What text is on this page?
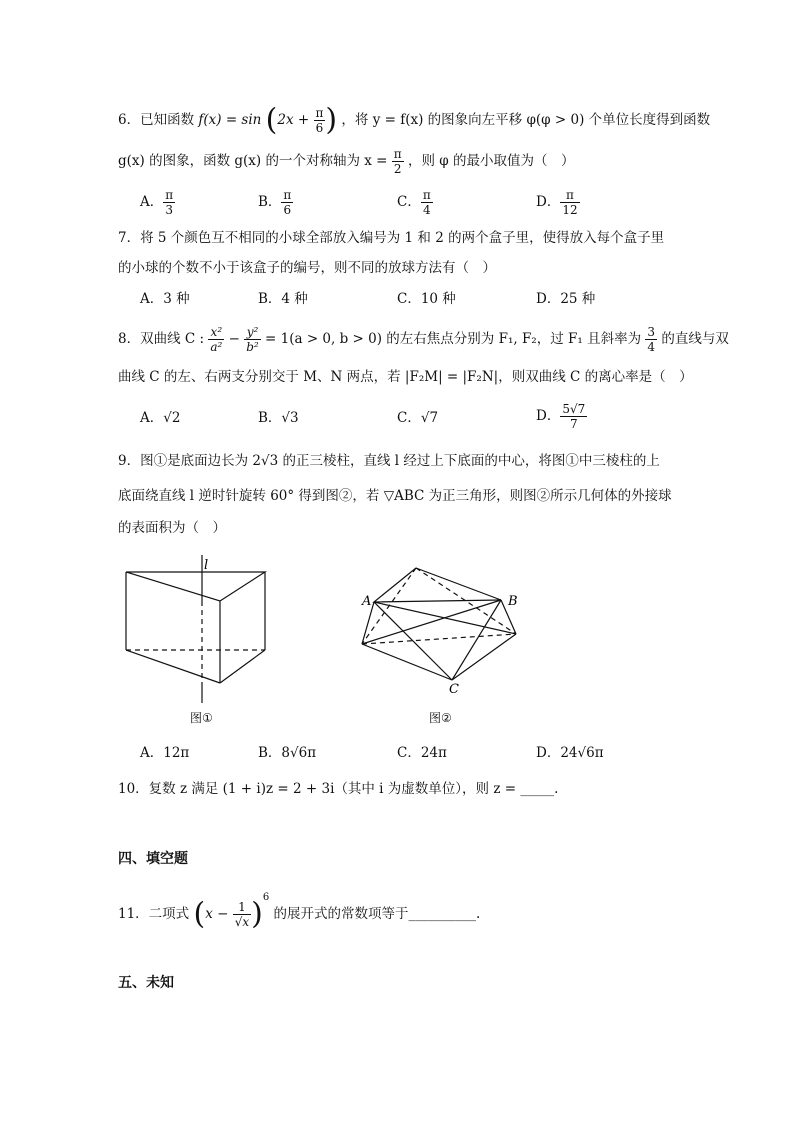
6．已知函数 $f(x) = \sin (2x + \frac{\pi}{6}$ ) ，将 y = f(x) 的图象向左平移 φ(φ > 0) 个单位长度得到函数
g(x) 的图象，函数 g(x) 的一个对称轴为 $x = \frac{\pi}{2}$ ，则 φ 的最小取值为（　）
A． $\frac{\pi}{3}$	B． $\frac{\pi}{6}$	C． $\frac{\pi}{4}$	D． $\frac{\pi}{12}$
7．将 5 个颜色互不相同的小球全部放入编号为 1 和 2 的两个盒子里，使得放入每个盒子里
的小球的个数不小于该盒子的编号，则不同的放球方法有（　）
A．3 种	B．4 种	C．10 种	D．25 种
8．双曲线 C : $\frac{\text{x²}}{\text{a²}} - \frac{\text{y²}}{\text{b²}} = 1(a > 0$, b > 0) 的左右焦点分别为 F₁, F₂，过 F₁ 且斜率为 $\frac{3}{4}$ 的直线与双
曲线 C 的左、右两支分别交于 M、N 两点，若 |F₂M| = |F₂N|，则双曲线 C 的离心率是（　）
A．√2	B．√3	C．√7	D． $\frac{5√7}{7}$
9．图①是底面边长为 2√3 的正三棱柱，直线 l 经过上下底面的中心，将图①中三棱柱的上
底面绕直线 l 逆时针旋转 60° 得到图②，若 ▽ABC 为正三角形，则图②所示几何体的外接球
的表面积为（　）
l
图①
A	B
C
图②
A．12π	B．8√6π	C．24π	D．24√6π
10．复数 z 满足 (1 + i)z = 2 + 3i（其中 i 为虚数单位），则 z = _____.
四、填空题
11．二项式 $(x - \frac{1}{√x} )^6$ 的展开式的常数项等于__________.
五、未知
